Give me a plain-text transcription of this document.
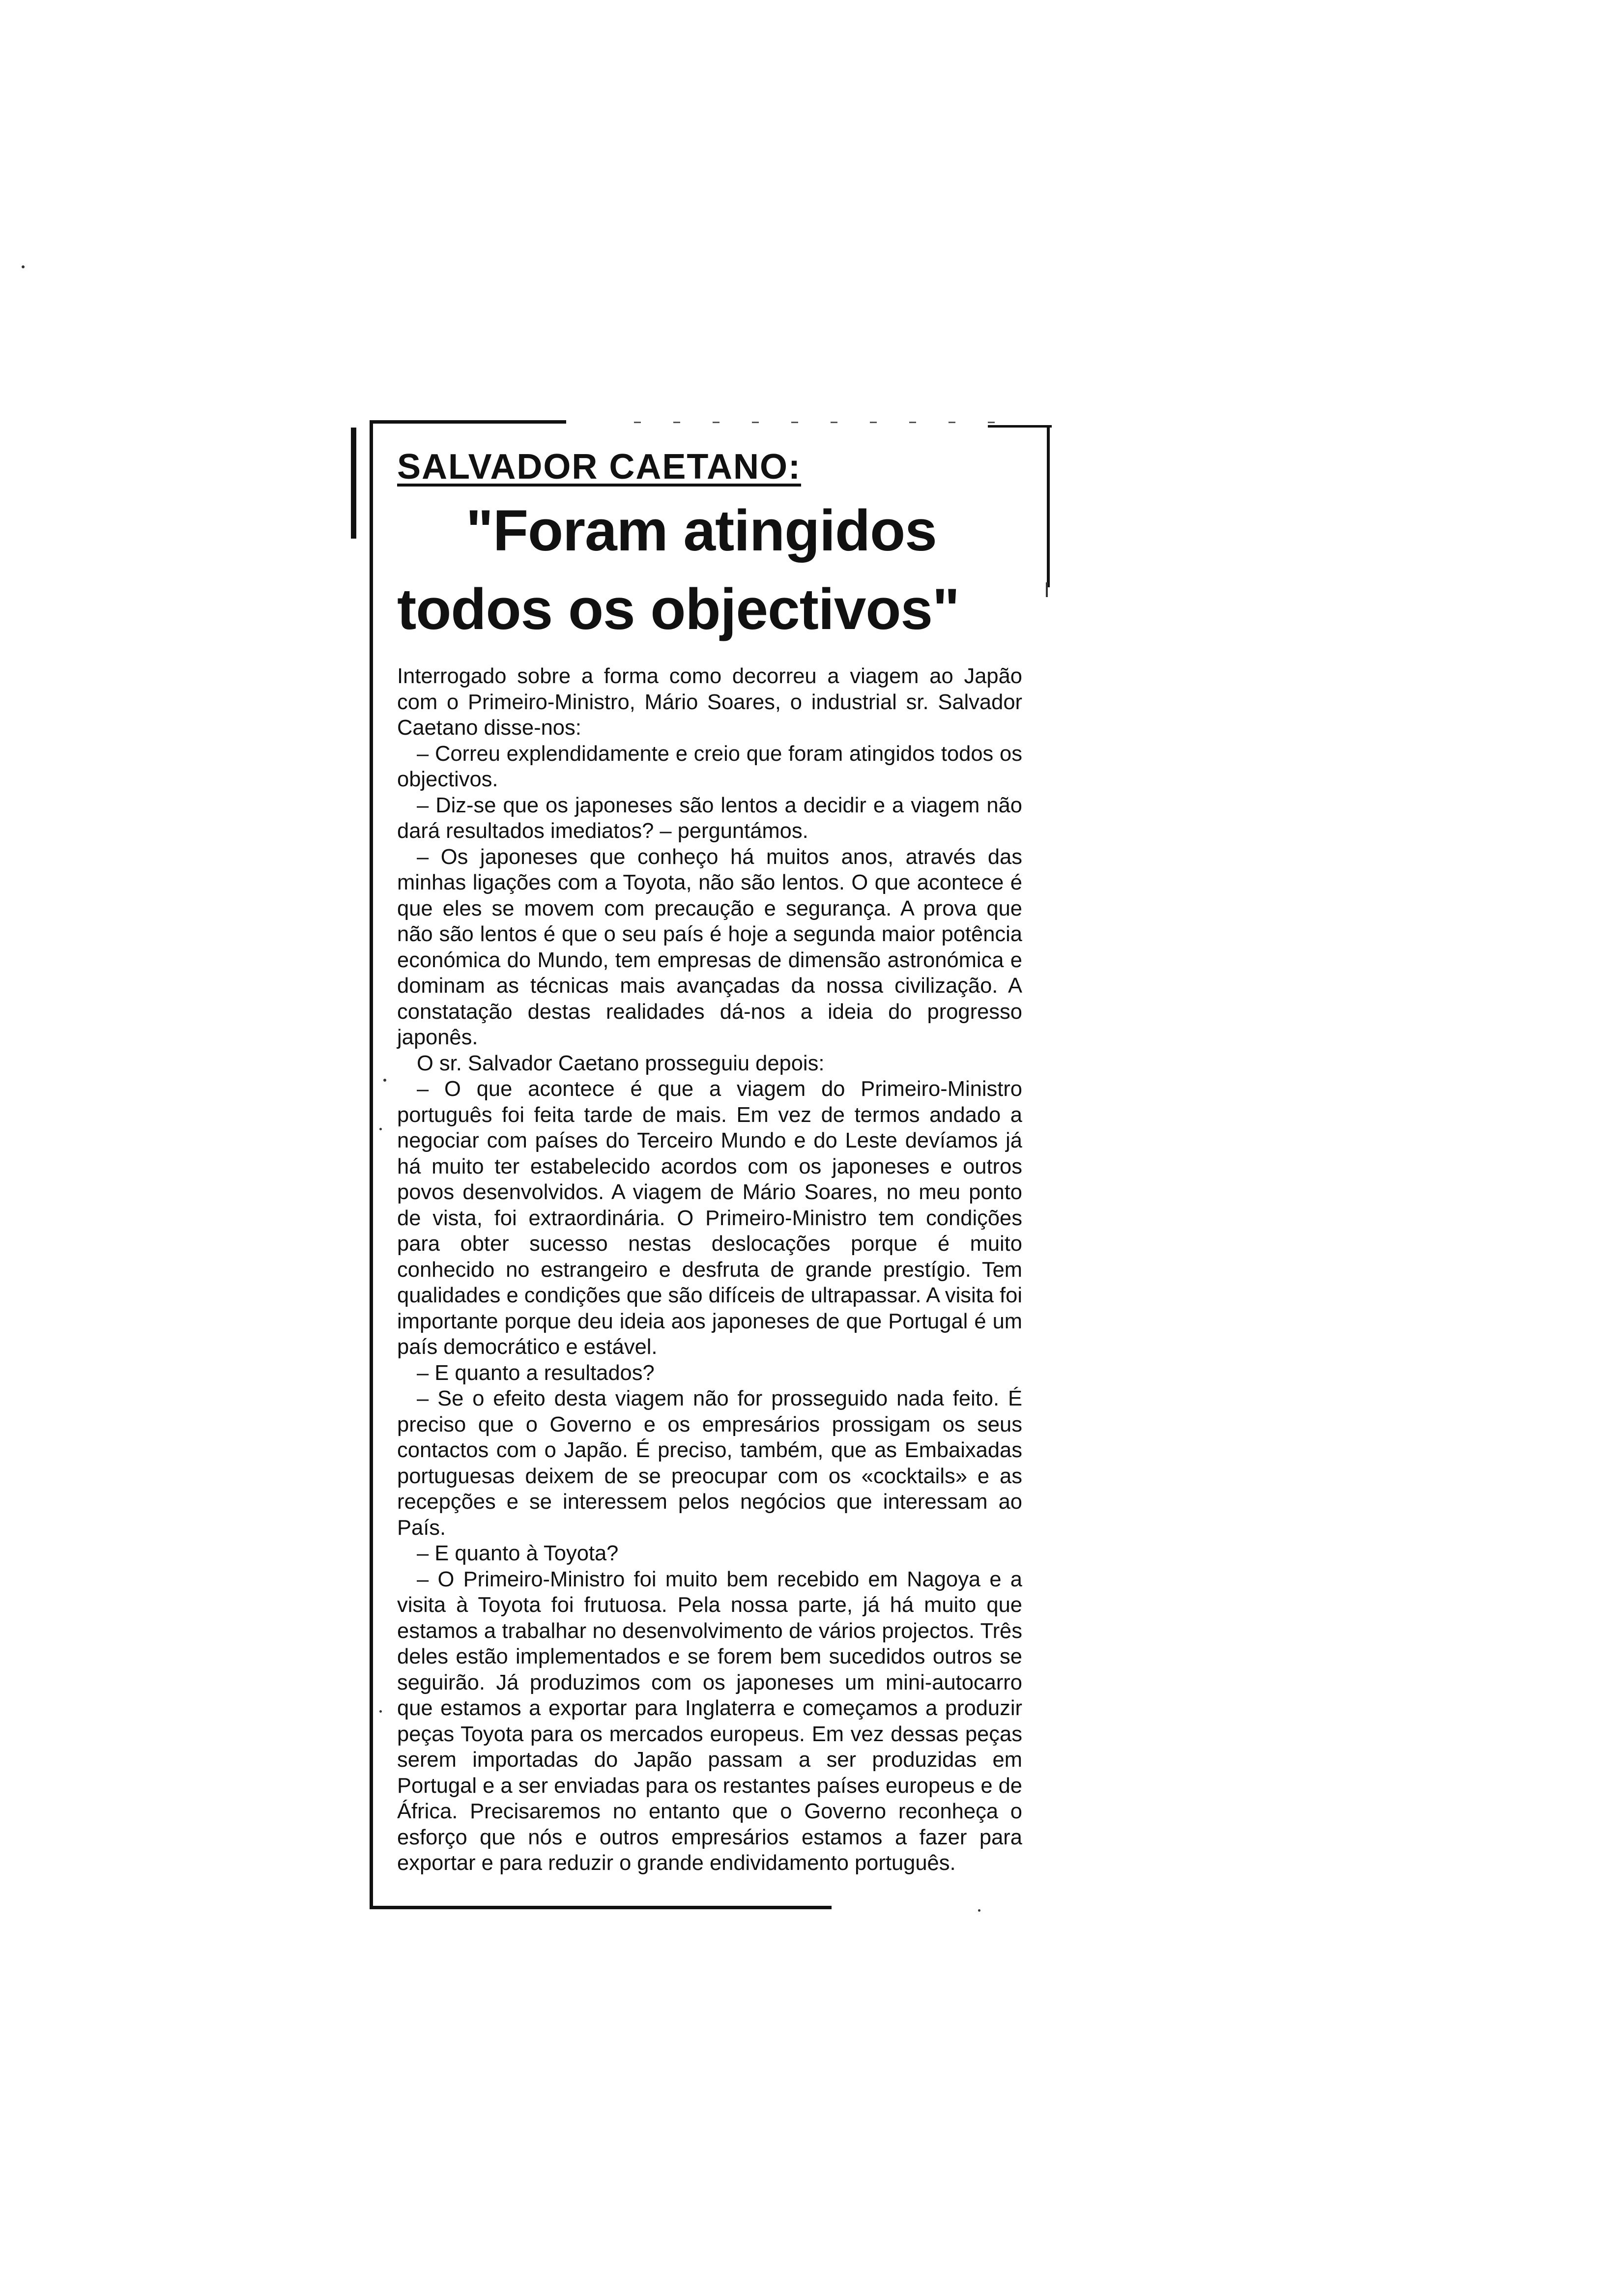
SALVADOR CAETANO:
"Foram atingidos
todos os objectivos"

Interrogado sobre a forma como decorreu a viagem ao Japão com o Primeiro-Ministro, Mário Soares, o industrial sr. Salvador Caetano disse-nos:

– Correu explendidamente e creio que foram atingidos todos os objectivos.

– Diz-se que os japoneses são lentos a decidir e a viagem não dará resultados imediatos? – perguntámos.

– Os japoneses que conheço há muitos anos, através das minhas ligações com a Toyota, não são lentos. O que acontece é que eles se movem com precaução e segurança. A prova que não são lentos é que o seu país é hoje a segunda maior potência económica do Mundo, tem empresas de dimensão astronómica e dominam as técnicas mais avançadas da nossa civilização. A constatação destas realidades dá-nos a ideia do progresso japonês.

O sr. Salvador Caetano prosseguiu depois:

– O que acontece é que a viagem do Primeiro-Ministro português foi feita tarde de mais. Em vez de termos andado a negociar com países do Terceiro Mundo e do Leste devíamos já há muito ter estabelecido acordos com os japoneses e outros povos desenvolvidos. A viagem de Mário Soares, no meu ponto de vista, foi extraordinária. O Primeiro-Ministro tem condições para obter sucesso nestas deslocações porque é muito conhecido no estrangeiro e desfruta de grande prestígio. Tem qualidades e condições que são difíceis de ultrapassar. A visita foi importante porque deu ideia aos japoneses de que Portugal é um país democrático e estável.

– E quanto a resultados?

– Se o efeito desta viagem não for prosseguido nada feito. É preciso que o Governo e os empresários prossigam os seus contactos com o Japão. É preciso, também, que as Embaixadas portuguesas deixem de se preocupar com os «cocktails» e as recepções e se interessem pelos negócios que interessam ao País.

– E quanto à Toyota?

– O Primeiro-Ministro foi muito bem recebido em Nagoya e a visita à Toyota foi frutuosa. Pela nossa parte, já há muito que estamos a trabalhar no desenvolvimento de vários projectos. Três deles estão implementados e se forem bem sucedidos outros se seguirão. Já produzimos com os japoneses um mini-autocarro que estamos a exportar para Inglaterra e começamos a produzir peças Toyota para os mercados europeus. Em vez dessas peças serem importadas do Japão passam a ser produzidas em Portugal e a ser enviadas para os restantes países europeus e de África. Precisaremos no entanto que o Governo reconheça o esforço que nós e outros empresários estamos a fazer para exportar e para reduzir o grande endividamento português.
